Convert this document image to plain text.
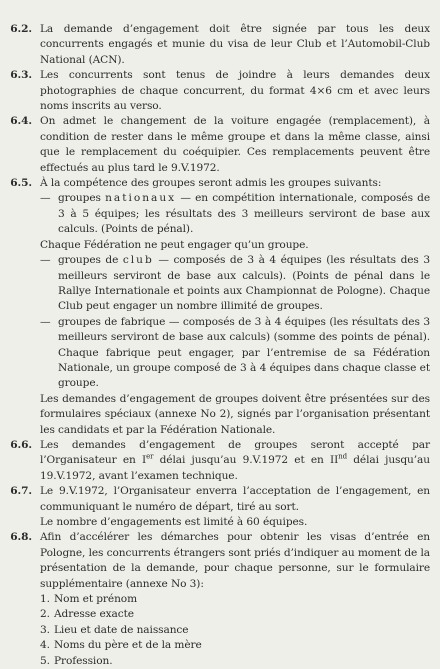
6.2. La demande d’engagement doit être signée par tous les deux concurrents engagés et munie du visa de leur Club et l’Automobil-Club National (ACN).

6.3. Les concurrents sont tenus de joindre à leurs demandes deux photographies de chaque concurrent, du format 4×6 cm et avec leurs noms inscrits au verso.

6.4. On admet le changement de la voiture engagée (remplacement), à condition de rester dans le même groupe et dans la même classe, ainsi que le remplacement du coéquipier. Ces remplacements peuvent être effectués au plus tard le 9.V.1972.

6.5. À la compétence des groupes seront admis les groupes suivants:

— groupes nationaux — en compétition internationale, composés de 3 à 5 équipes; les résultats des 3 meilleurs serviront de base aux calculs. (Points de pénal).

Chaque Fédération ne peut engager qu’un groupe.

— groupes de club — composés de 3 à 4 équipes (les résultats des 3 meilleurs serviront de base aux calculs). (Points de pénal dans le Rallye Internationale et points aux Championnat de Pologne). Chaque Club peut engager un nombre illimité de groupes.
— groupes de fabrique — composés de 3 à 4 équipes (les résultats des 3 meilleurs serviront de base aux calculs) (somme des points de pénal). Chaque fabrique peut engager, par l’entremise de sa Fédération Nationale, un groupe composé de 3 à 4 équipes dans chaque classe et groupe.

Les demandes d’engagement de groupes doivent être présentées sur des formulaires spéciaux (annexe No 2), signés par l’organisation présentant les candidats et par la Fédération Nationale.

6.6. Les demandes d’engagement de groupes seront accepté par l’Organisateur en Ier délai jusqu’au 9.V.1972 et en IInd délai jusqu’au 19.V.1972, avant l’examen technique.

6.7. Le 9.V.1972, l’Organisateur enverra l’acceptation de l’engagement, en communiquant le numéro de départ, tiré au sort.

Le nombre d’engagements est limité à 60 équipes.

6.8. Afin d’accélérer les démarches pour obtenir les visas d’entrée en Pologne, les concurrents étrangers sont priés d’indiquer au moment de la présentation de la demande, pour chaque personne, sur le formulaire supplémentaire (annexe No 3):

1. Nom et prénom
2. Adresse exacte
3. Lieu et date de naissance
4. Noms du père et de la mère
5. Profession.
